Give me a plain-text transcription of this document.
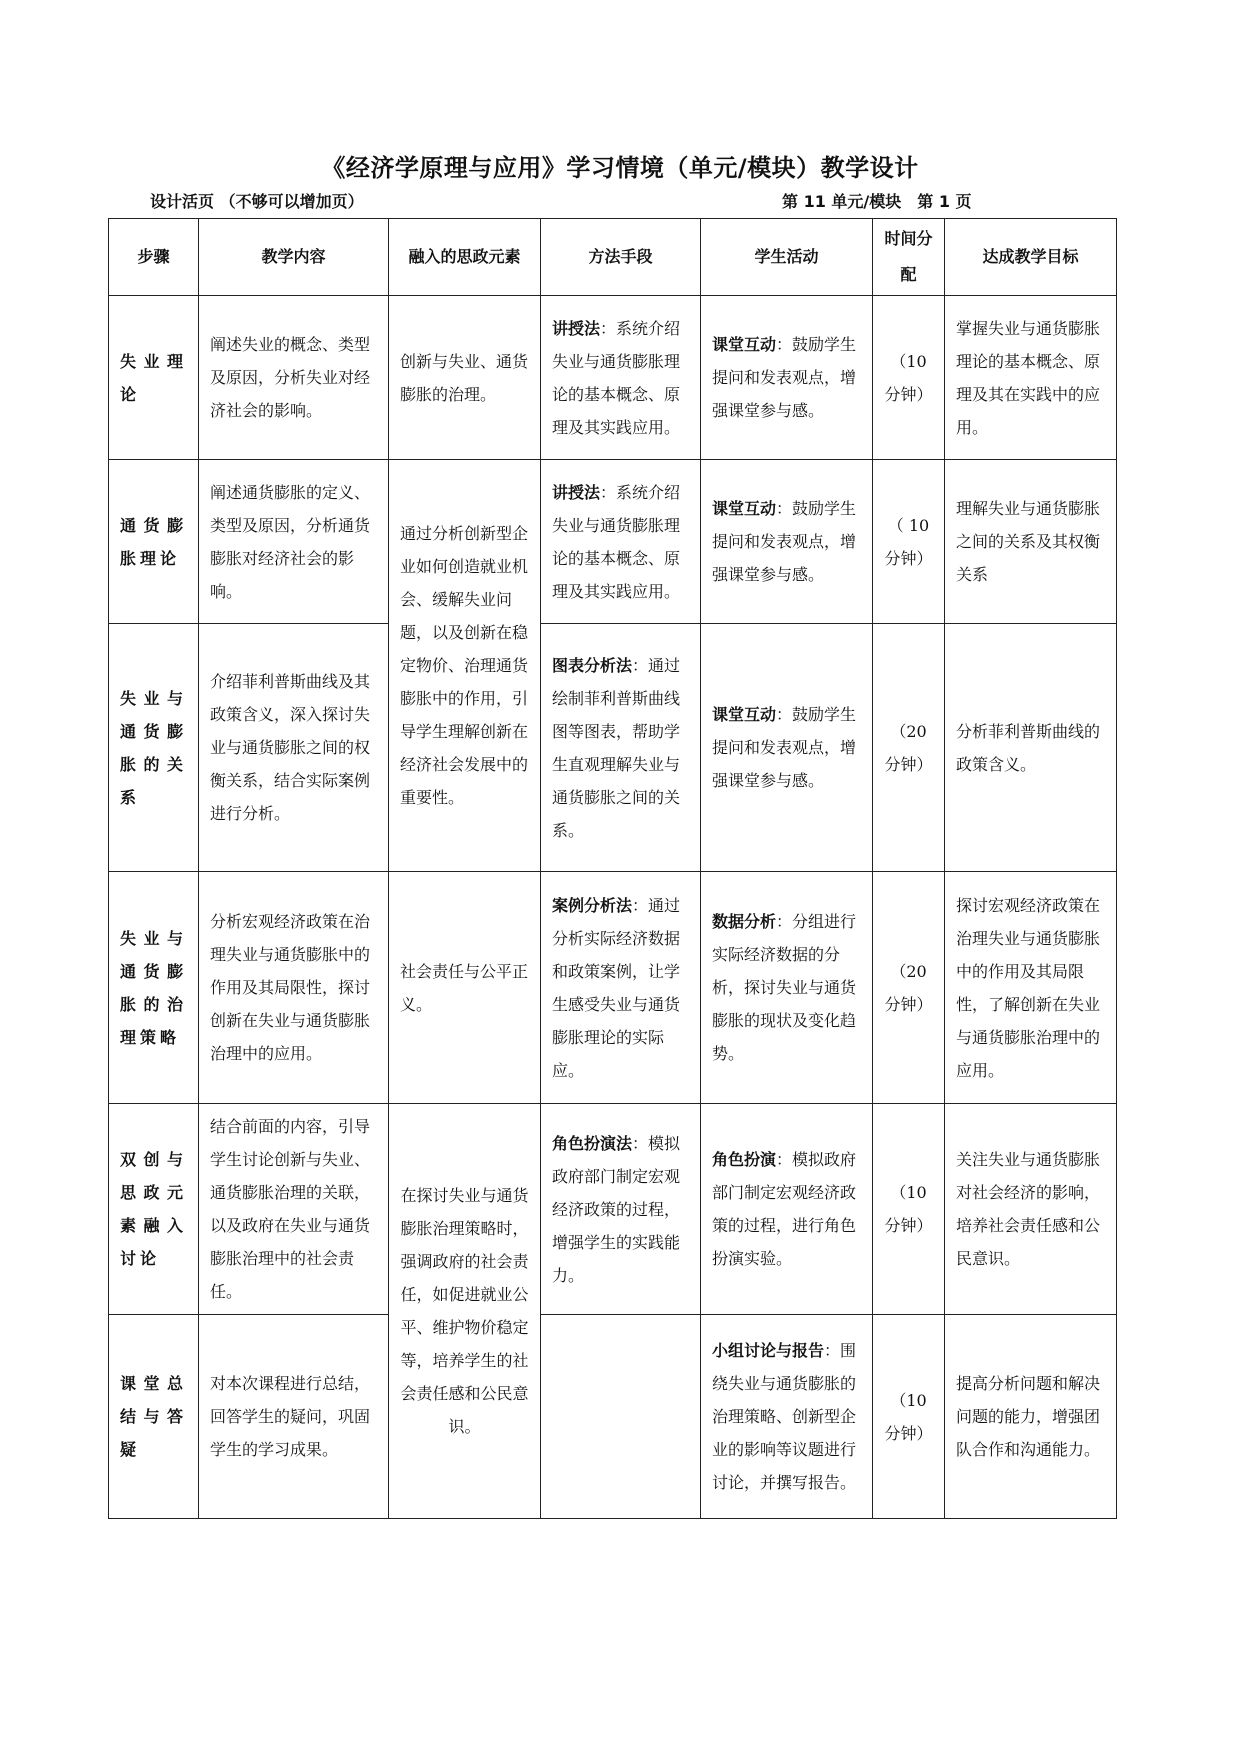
《经济学原理与应用》学习情境（单元/模块）教学设计
设计活页 （不够可以增加页）	第 11 单元/模块　第 1 页
步骤	教学内容	融入的思政元素	方法手段	学生活动	时间分配	达成教学目标
失业理论	阐述失业的概念、类型及原因，分析失业对经济社会的影响。	创新与失业、通货膨胀的治理。	讲授法：系统介绍失业与通货膨胀理论的基本概念、原理及其实践应用。	课堂互动：鼓励学生提问和发表观点，增强课堂参与感。	（10分钟）	掌握失业与通货膨胀理论的基本概念、原理及其在实践中的应用。
通货膨胀理论	阐述通货膨胀的定义、类型及原因，分析通货膨胀对经济社会的影响。	通过分析创新型企业如何创造就业机会、缓解失业问题，以及创新在稳定物价、治理通货膨胀中的作用，引导学生理解创新在经济社会发展中的重要性。	讲授法：系统介绍失业与通货膨胀理论的基本概念、原理及其实践应用。	课堂互动：鼓励学生提问和发表观点，增强课堂参与感。	（ 10分钟）	理解失业与通货膨胀之间的关系及其权衡关系
失业与通货膨胀的关系	介绍菲利普斯曲线及其政策含义，深入探讨失业与通货膨胀之间的权衡关系，结合实际案例进行分析。		图表分析法：通过绘制菲利普斯曲线图等图表，帮助学生直观理解失业与通货膨胀之间的关系。	课堂互动：鼓励学生提问和发表观点，增强课堂参与感。	（20分钟）	分析菲利普斯曲线的政策含义。
失业与通货膨胀的治理策略	分析宏观经济政策在治理失业与通货膨胀中的作用及其局限性，探讨创新在失业与通货膨胀治理中的应用。	社会责任与公平正义。	案例分析法：通过分析实际经济数据和政策案例，让学生感受失业与通货膨胀理论的实际应。	数据分析：分组进行实际经济数据的分析，探讨失业与通货膨胀的现状及变化趋势。	（20分钟）	探讨宏观经济政策在治理失业与通货膨胀中的作用及其局限性，了解创新在失业与通货膨胀治理中的应用。
双创与思政元素融入讨论	结合前面的内容，引导学生讨论创新与失业、通货膨胀治理的关联，以及政府在失业与通货膨胀治理中的社会责任。	在探讨失业与通货膨胀治理策略时，强调政府的社会责任，如促进就业公平、维护物价稳定等，培养学生的社会责任感和公民意识。	角色扮演法：模拟政府部门制定宏观经济政策的过程，增强学生的实践能力。	角色扮演：模拟政府部门制定宏观经济政策的过程，进行角色扮演实验。	（10分钟）	关注失业与通货膨胀对社会经济的影响，培养社会责任感和公民意识。
课堂总结与答疑	对本次课程进行总结，回答学生的疑问，巩固学生的学习成果。			小组讨论与报告：围绕失业与通货膨胀的治理策略、创新型企业的影响等议题进行讨论，并撰写报告。	（10分钟）	提高分析问题和解决问题的能力，增强团队合作和沟通能力。
